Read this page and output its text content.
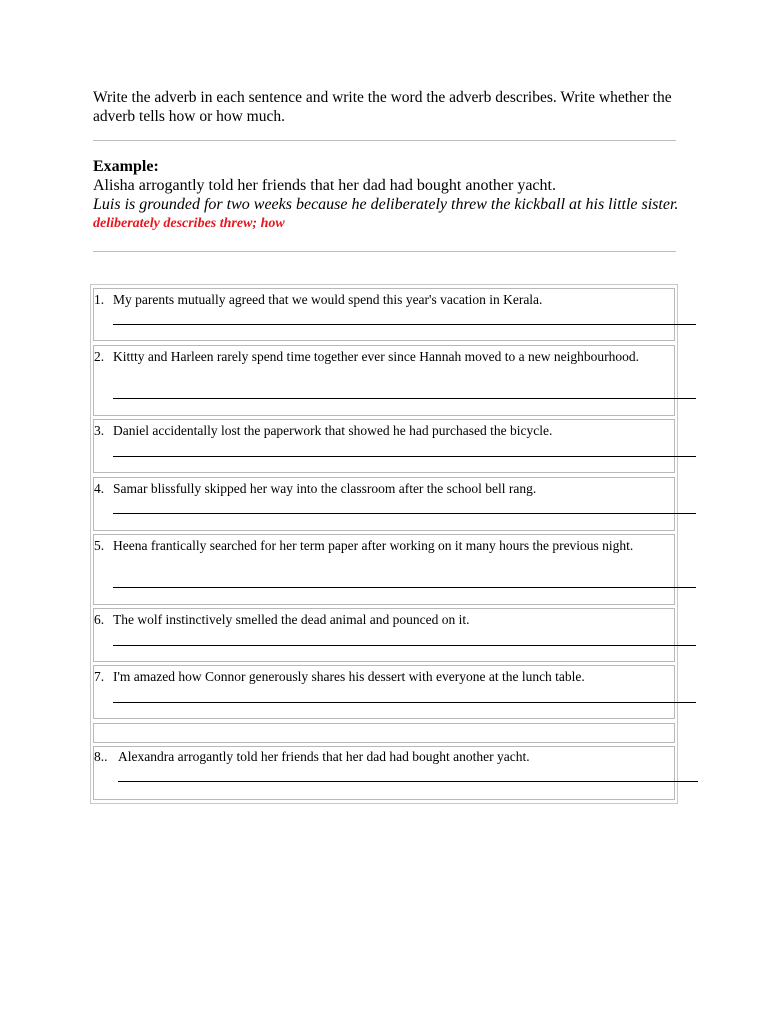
Write the adverb in each sentence and write the word the adverb describes. Write whether the adverb tells how or how much.

Example:

Alisha arrogantly told her friends that her dad had bought another yacht.

Luis is grounded for two weeks because he deliberately threw the kickball at his little sister.

deliberately describes threw; how

1. My parents mutually agreed that we would spend this year's vacation in Kerala.

2. Kittty and Harleen rarely spend time together ever since Hannah moved to a new neighbourhood.

3. Daniel accidentally lost the paperwork that showed he had purchased the bicycle.

4. Samar blissfully skipped her way into the classroom after the school bell rang.

5. Heena frantically searched for her term paper after working on it many hours the previous night.

6. The wolf instinctively smelled the dead animal and pounced on it.

7. I'm amazed how Connor generously shares his dessert with everyone at the lunch table.

8.. Alexandra arrogantly told her friends that her dad had bought another yacht.
